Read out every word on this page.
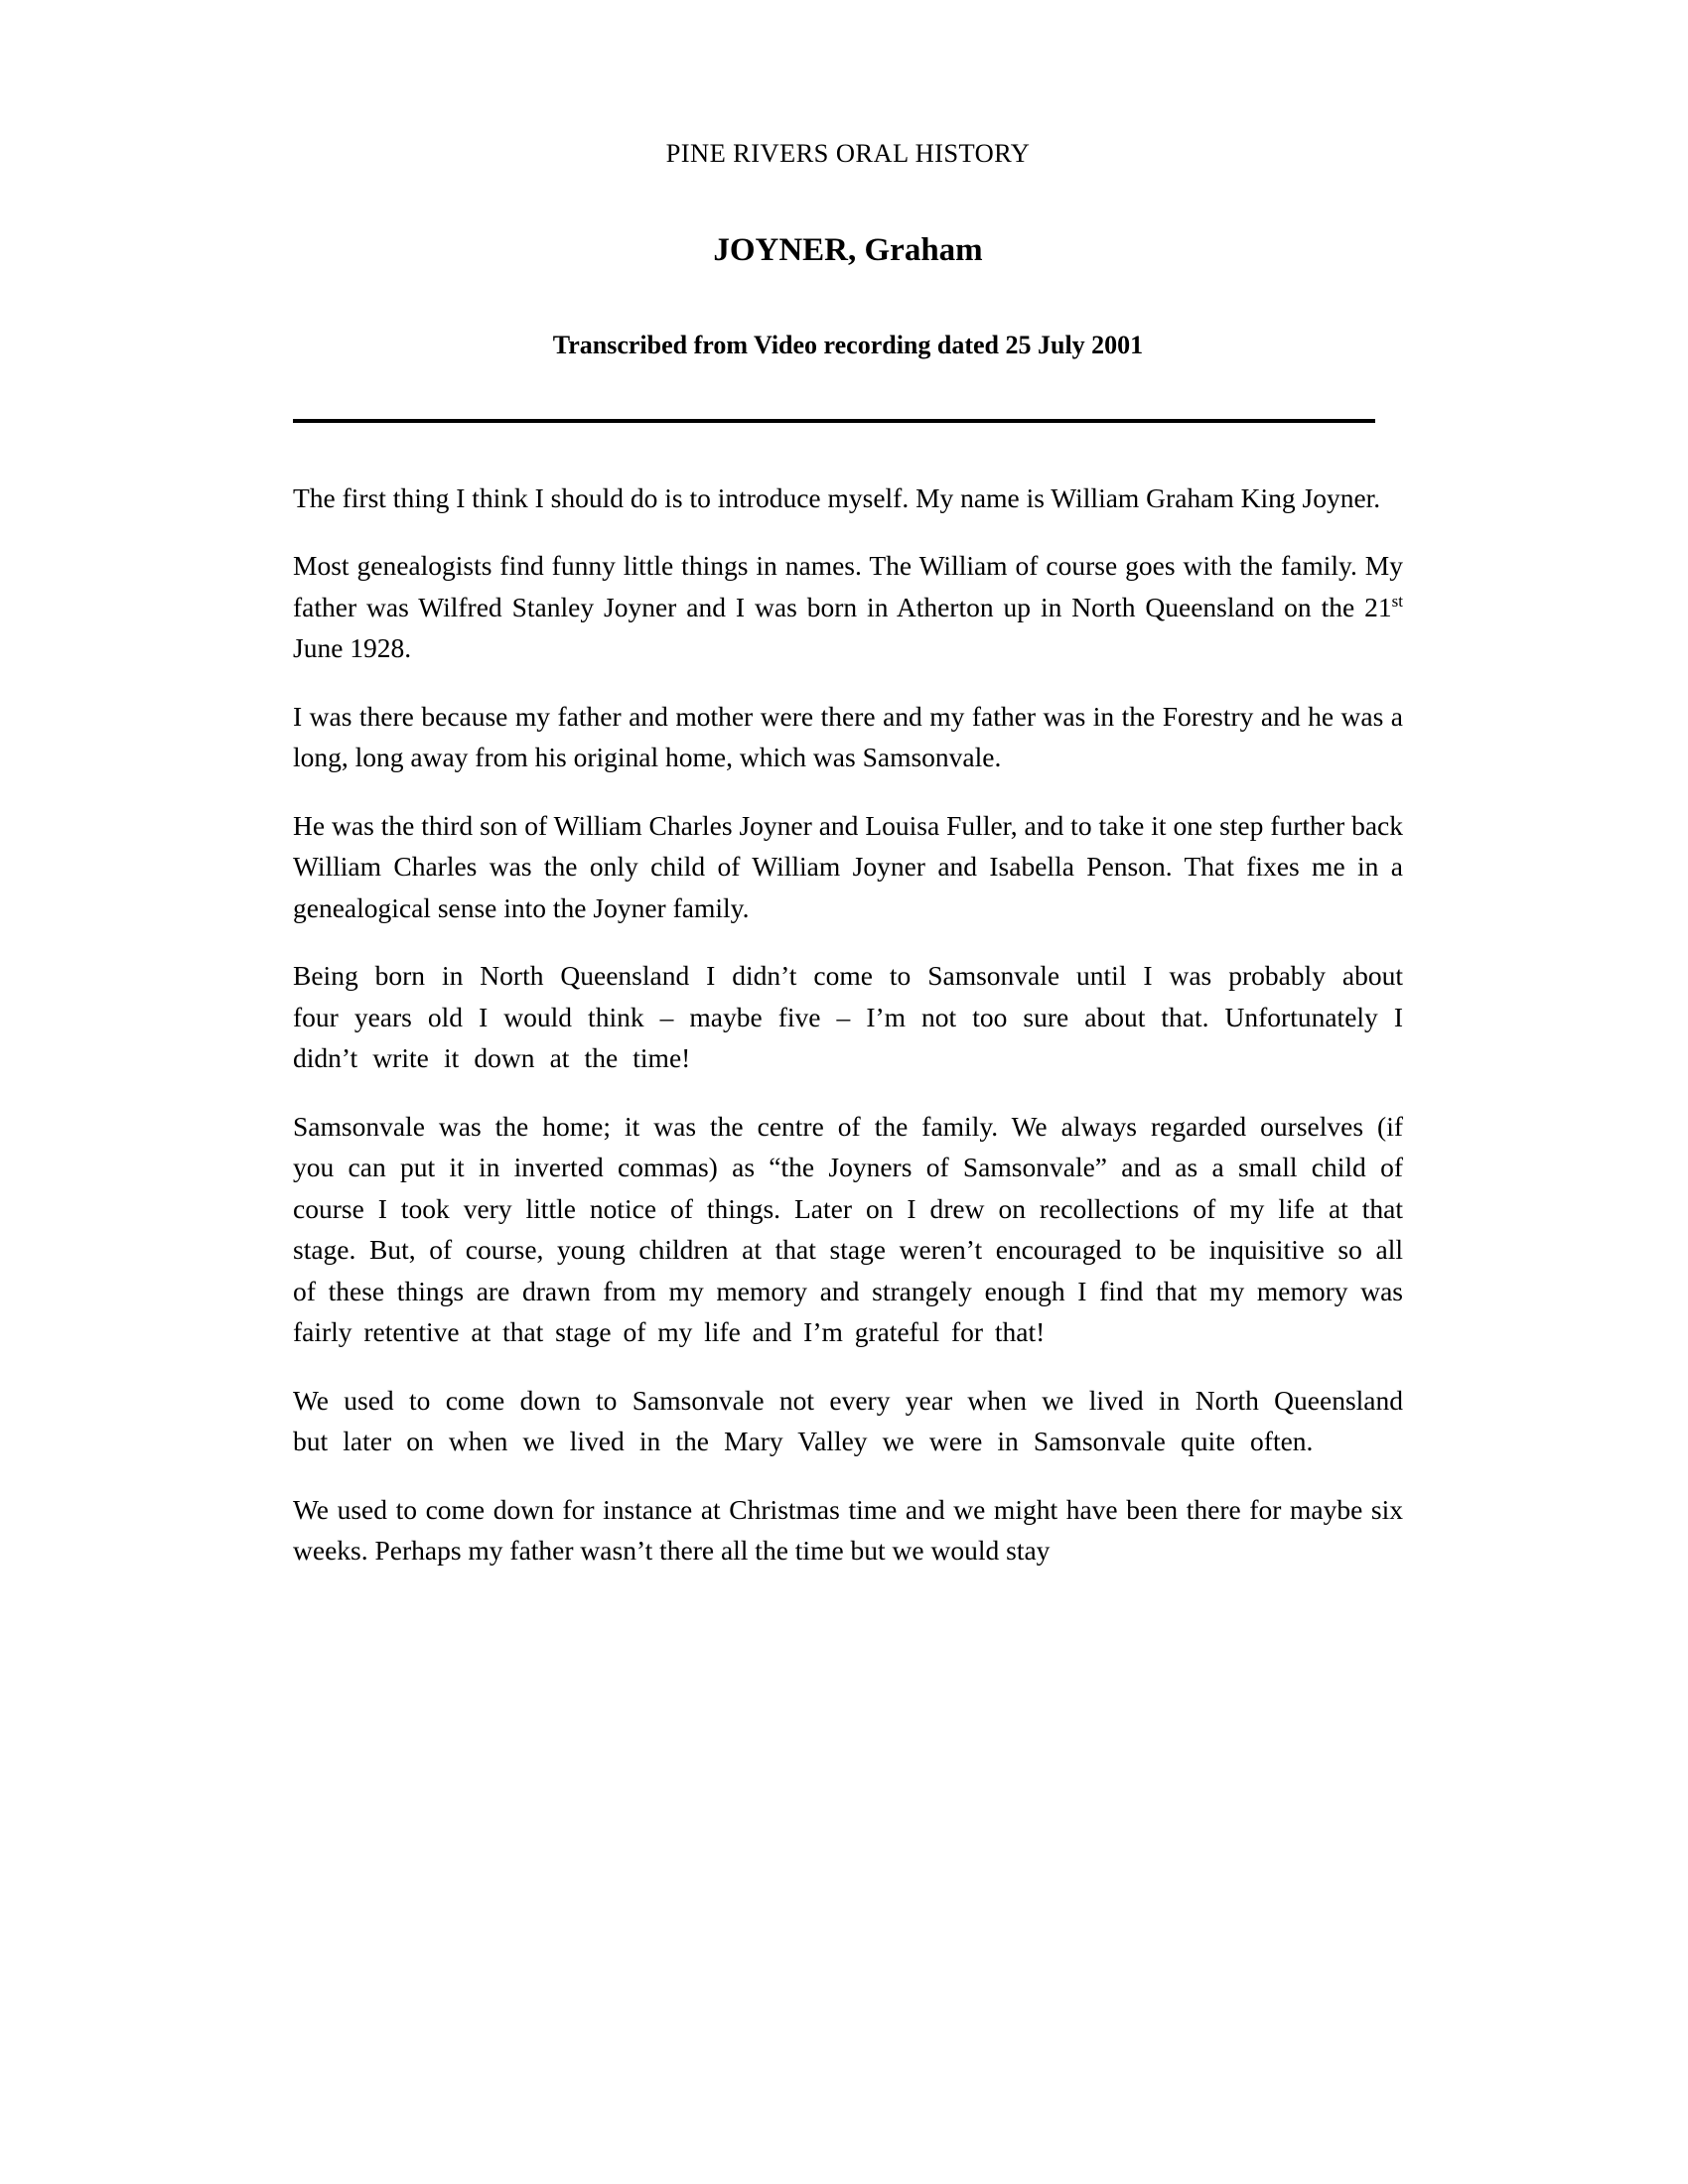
PINE RIVERS ORAL HISTORY
JOYNER, Graham
Transcribed from Video recording dated 25 July 2001

The first thing I think I should do is to introduce myself. My name is William Graham King Joyner.

Most genealogists find funny little things in names. The William of course goes with the family. My father was Wilfred Stanley Joyner and I was born in Atherton up in North Queensland on the 21st June 1928.

I was there because my father and mother were there and my father was in the Forestry and he was a long, long away from his original home, which was Samsonvale.

He was the third son of William Charles Joyner and Louisa Fuller, and to take it one step further back William Charles was the only child of William Joyner and Isabella Penson. That fixes me in a genealogical sense into the Joyner family.

Being born in North Queensland I didn’t come to Samsonvale until I was probably about four years old I would think – maybe five – I’m not too sure about that. Unfortunately I didn’t write it down at the time!

Samsonvale was the home; it was the centre of the family. We always regarded ourselves (if you can put it in inverted commas) as “the Joyners of Samsonvale” and as a small child of course I took very little notice of things. Later on I drew on recollections of my life at that stage. But, of course, young children at that stage weren’t encouraged to be inquisitive so all of these things are drawn from my memory and strangely enough I find that my memory was fairly retentive at that stage of my life and I’m grateful for that!

We used to come down to Samsonvale not every year when we lived in North Queensland but later on when we lived in the Mary Valley we were in Samsonvale quite often.

We used to come down for instance at Christmas time and we might have been there for maybe six weeks. Perhaps my father wasn’t there all the time but we would stay
